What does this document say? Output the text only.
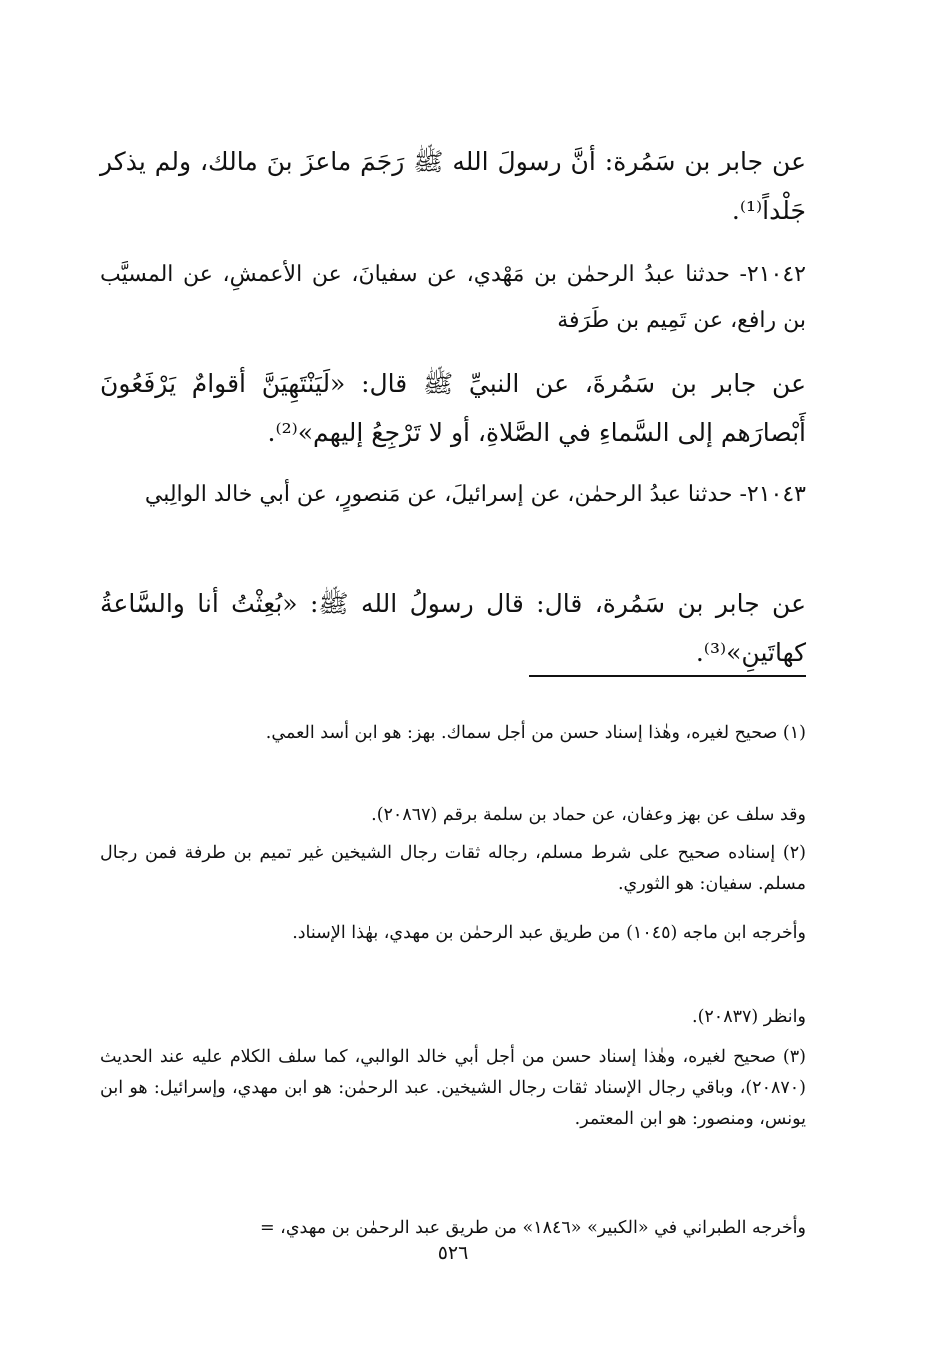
عن جابر بن سَمُرة: أنَّ رسولَ الله ﷺ رَجَمَ ماعزَ بنَ مالك، ولم يذكر جَلْداً⁽¹⁾.

٢١٠٤٢- حدثنا عبدُ الرحمٰن بن مَهْدي، عن سفيانَ، عن الأعمشِ، عن المسيَّب بن رافع، عن تَمِيم بن طَرَفة

عن جابر بن سَمُرةَ، عن النبيِّ ﷺ قال: «لَيَنْتَهِيَنَّ أقوامٌ يَرْفَعُونَ أَبْصارَهم إلى السَّماءِ في الصَّلاةِ، أو لا تَرْجِعُ إليهم»⁽²⁾.

٢١٠٤٣- حدثنا عبدُ الرحمٰن، عن إسرائيلَ، عن مَنصورٍ، عن أبي خالد الوالِبي

عن جابر بن سَمُرة، قال: قال رسولُ الله ﷺ: «بُعِثْتُ أنا والسَّاعةُ كهاتَينِ»⁽³⁾.

(١) صحيح لغيره، وهٰذا إسناد حسن من أجل سماك. بهز: هو ابن أسد العمي.

وقد سلف عن بهز وعفان، عن حماد بن سلمة برقم (٢٠٨٦٧).

(٢) إسناده صحيح على شرط مسلم، رجاله ثقات رجال الشيخين غير تميم بن طرفة فمن رجال مسلم. سفيان: هو الثوري.

وأخرجه ابن ماجه (١٠٤٥) من طريق عبد الرحمٰن بن مهدي، بهٰذا الإسناد.

وانظر (٢٠٨٣٧).

(٣) صحيح لغيره، وهٰذا إسناد حسن من أجل أبي خالد الوالبي، كما سلف الكلام عليه عند الحديث (٢٠٨٧٠)، وباقي رجال الإسناد ثقات رجال الشيخين. عبد الرحمٰن: هو ابن مهدي، وإسرائيل: هو ابن يونس، ومنصور: هو ابن المعتمر.

وأخرجه الطبراني في «الكبير» «١٨٤٦» من طريق عبد الرحمٰن بن مهدي، =

٥٢٦
